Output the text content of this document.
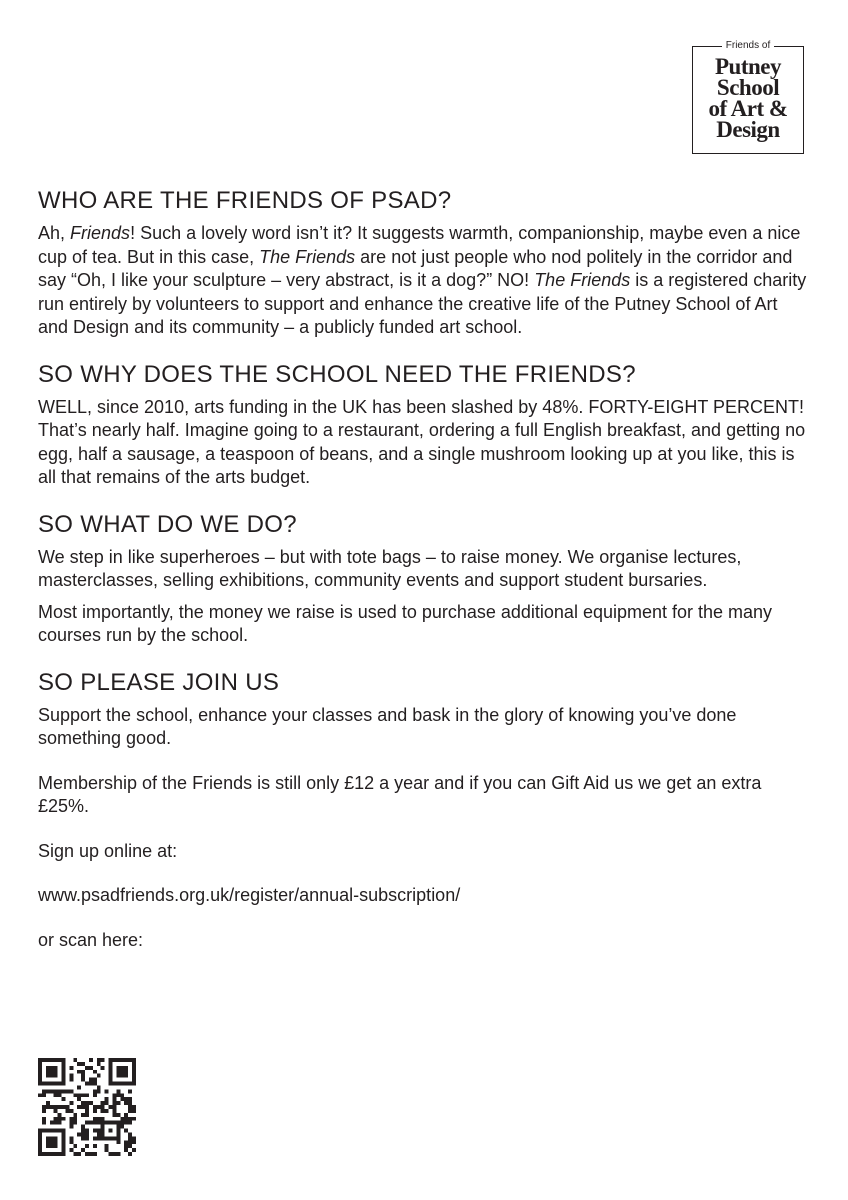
Friends of
Putney
School
of Art &
Design
WHO ARE THE FRIENDS OF PSAD?

Ah, Friends! Such a lovely word isn’t it? It suggests warmth, companionship, maybe even a nice cup of tea. But in this case, The Friends are not just people who nod politely in the corridor and say “Oh, I like your sculpture – very abstract, is it a dog?” NO! The Friends is a registered charity run entirely by volunteers to support and enhance the creative life of the Putney School of Art and Design and its community – a publicly funded art school.

SO WHY DOES THE SCHOOL NEED THE FRIENDS?

WELL, since 2010, arts funding in the UK has been slashed by 48%. FORTY-EIGHT PERCENT! That’s nearly half. Imagine going to a restaurant, ordering a full English breakfast, and getting no egg, half a sausage, a teaspoon of beans, and a single mushroom looking up at you like, this is all that remains of the arts budget.

SO WHAT DO WE DO?

We step in like superheroes – but with tote bags – to raise money. We organise lectures, masterclasses, selling exhibitions, community events and support student bursaries.

Most importantly, the money we raise is used to purchase additional equipment for the many courses run by the school.

SO PLEASE JOIN US

Support the school, enhance your classes and bask in the glory of knowing you’ve done something good.

Membership of the Friends is still only £12 a year and if you can Gift Aid us we get an extra £25%.

Sign up online at:

www.psadfriends.org.uk/register/annual-subscription/

or scan here:
